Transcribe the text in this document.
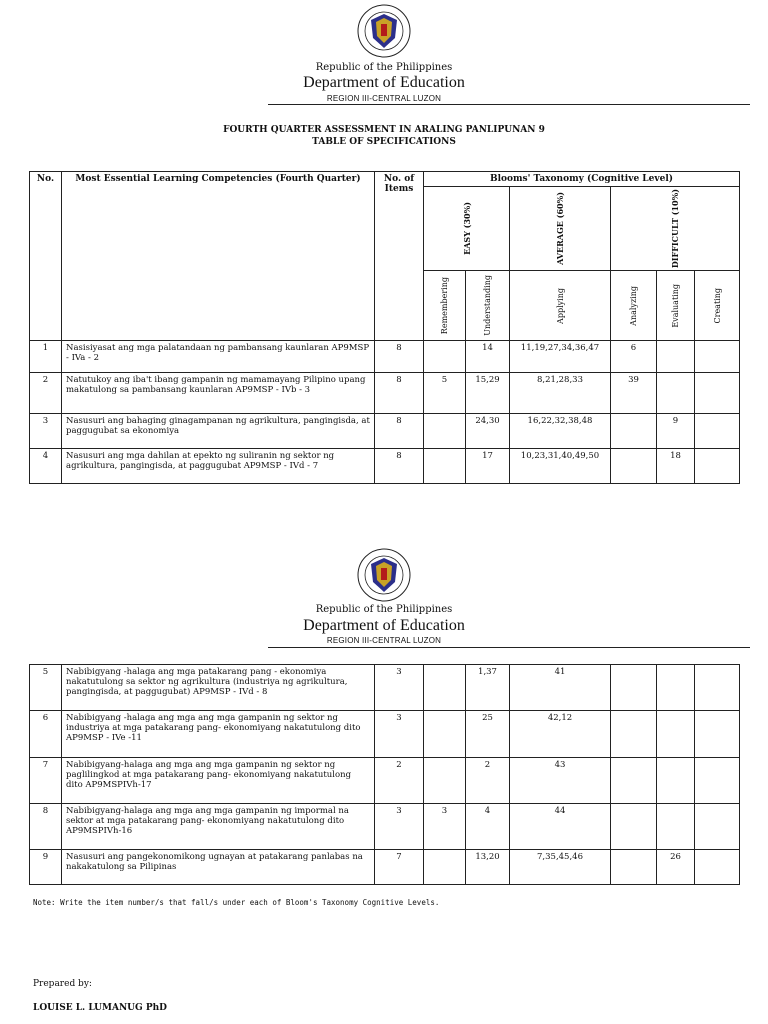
Republic of the Philippines
Department of Education
REGION III-CENTRAL LUZON
FOURTH QUARTER ASSESSMENT IN ARALING PANLIPUNAN 9
TABLE OF SPECIFICATIONS
No.	Most Essential Learning Competencies (Fourth Quarter)	No. of Items	Blooms' Taxonomy (Cognitive Level)					

			EASY (30%)		AVERAGE (60%)	DIFFICULT (10%)		

			Remembering	Understanding	Applying	Analyzing	Evaluating	Creating

1	Nasisiyasat ang mga palatandaan ng pambansang kaunlaran AP9MSP - IVa - 2	8		14	11,19,27,34,36,47	6		
2	Natutukoy ang iba't ibang gampanin ng mamamayang Pilipino upang makatulong sa pambansang kaunlaran AP9MSP - IVb - 3	8	5	15,29	8,21,28,33	39		
3	Nasusuri ang bahaging ginagampanan ng agrikultura, pangingisda, at paggugubat sa ekonomiya	8		24,30	16,22,32,38,48		9	
4	Nasusuri ang mga dahilan at epekto ng suliranin ng sektor ng agrikultura, pangingisda, at paggugubat AP9MSP - IVd - 7	8		17	10,23,31,40,49,50		18	
Republic of the Philippines
Department of Education
REGION III-CENTRAL LUZON
5	Nabibigyang -halaga ang mga patakarang pang - ekonomiya nakatutulong sa sektor ng agrikultura (industriya ng agrikultura, pangingisda, at paggugubat) AP9MSP - IVd - 8	3		1,37	41			
6	Nabibigyang -halaga ang mga ang mga gampanin ng sektor ng industriya at mga patakarang pang- ekonomiyang nakatutulong dito AP9MSP - IVe -11	3		25	42,12			
7	Nabibigyang-halaga ang mga ang mga gampanin ng sektor ng paglilingkod at mga patakarang pang- ekonomiyang nakatutulong dito AP9MSPIVh-17	2		2	43			
8	Nabibigyang-halaga ang mga ang mga gampanin ng impormal na sektor at mga patakarang pang- ekonomiyang nakatutulong dito AP9MSPIVh-16	3	3	4	44			
9	Nasusuri ang pangekonomikong ugnayan at patakarang panlabas na nakakatulong sa Pilipinas	7		13,20	7,35,45,46		26	
Note: Write the item number/s that fall/s under each of Bloom's Taxonomy Cognitive Levels.
Prepared by:
LOUISE L. LUMANUG PhD
